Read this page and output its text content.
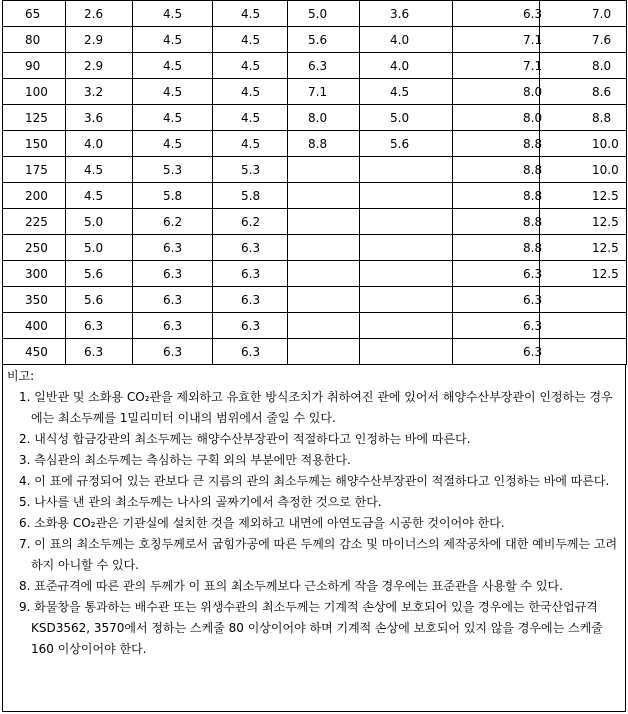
65	2.6	4.5	4.5	5.0	3.6	6.3	7.0
80	2.9	4.5	4.5	5.6	4.0	7.1	7.6
90	2.9	4.5	4.5	6.3	4.0	7.1	8.0
100	3.2	4.5	4.5	7.1	4.5	8.0	8.6
125	3.6	4.5	4.5	8.0	5.0	8.0	8.8
150	4.0	4.5	4.5	8.8	5.6	8.8	10.0
175	4.5	5.3	5.3			8.8	10.0
200	4.5	5.8	5.8			8.8	12.5
225	5.0	6.2	6.2			8.8	12.5
250	5.0	6.3	6.3			8.8	12.5
300	5.6	6.3	6.3			6.3	12.5
350	5.6	6.3	6.3			6.3	
400	6.3	6.3	6.3			6.3	
450	6.3	6.3	6.3			6.3	

비고:

1. 일반관 및 소화용 CO₂관을 제외하고 유효한 방식조치가 취하여진 관에 있어서 해양수산부장관이 인정하는 경우에는 최소두께를 1밀리미터 이내의 범위에서 줄일 수 있다.
2. 내식성 합금강관의 최소두께는 해양수산부장관이 적절하다고 인정하는 바에 따른다.
3. 측심관의 최소두께는 측심하는 구획 외의 부분에만 적용한다.
4. 이 표에 규정되어 있는 관보다 큰 지름의 관의 최소두께는 해양수산부장관이 적절하다고 인정하는 바에 따른다.
5. 나사를 낸 관의 최소두께는 나사의 골짜기에서 측정한 것으로 한다.
6. 소화용 CO₂관은 기관실에 설치한 것을 제외하고 내면에 아연도금을 시공한 것이어야 한다.
7. 이 표의 최소두께는 호칭두께로서 굽힘가공에 따른 두께의 감소 및 마이너스의 제작공차에 대한 예비두께는 고려하지 아니할 수 있다.
8. 표준규격에 따른 관의 두께가 이 표의 최소두께보다 근소하게 작을 경우에는 표준관을 사용할 수 있다.
9. 화물창을 통과하는 배수관 또는 위생수관의 최소두께는 기계적 손상에 보호되어 있을 경우에는 한국산업규격 KSD3562, 3570에서 정하는 스케줄 80 이상이어야 하며 기계적 손상에 보호되어 있지 않을 경우에는 스케줄 160 이상이어야 한다.
